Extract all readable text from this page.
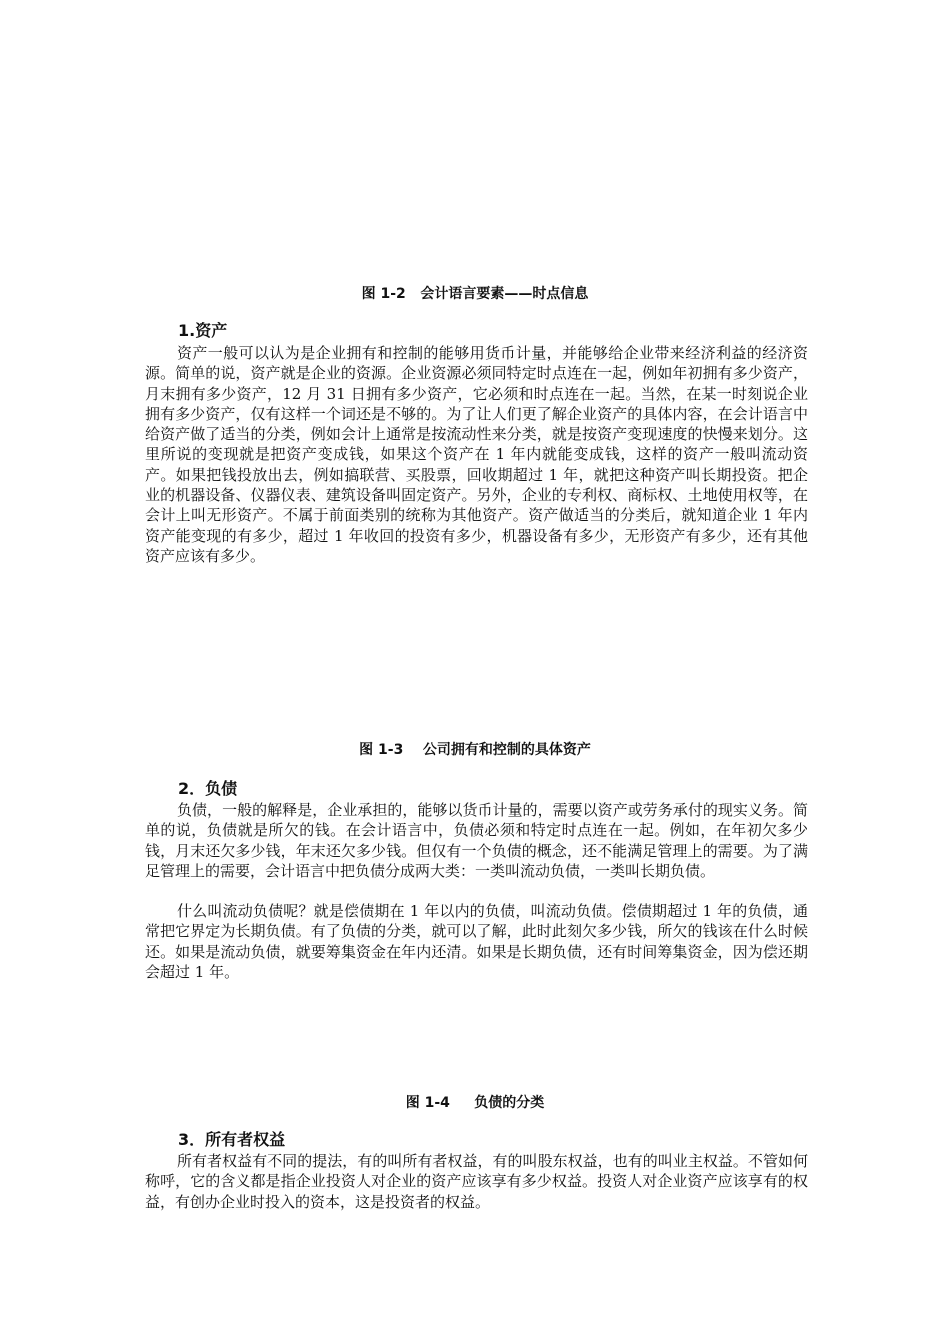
图 1-2   会计语言要素——时点信息
1.资产

资产一般可以认为是企业拥有和控制的能够用货币计量，并能够给企业带来经济利益的经济资源。简单的说，资产就是企业的资源。企业资源必须同特定时点连在一起，例如年初拥有多少资产，月末拥有多少资产，12 月 31 日拥有多少资产，它必须和时点连在一起。当然，在某一时刻说企业拥有多少资产，仅有这样一个词还是不够的。为了让人们更了解企业资产的具体内容，在会计语言中给资产做了适当的分类，例如会计上通常是按流动性来分类，就是按资产变现速度的快慢来划分。这里所说的变现就是把资产变成钱，如果这个资产在 1 年内就能变成钱，这样的资产一般叫流动资产。如果把钱投放出去，例如搞联营、买股票，回收期超过 1 年，就把这种资产叫长期投资。把企业的机器设备、仪器仪表、建筑设备叫固定资产。另外，企业的专利权、商标权、土地使用权等，在会计上叫无形资产。不属于前面类别的统称为其他资产。资产做适当的分类后，就知道企业 1 年内资产能变现的有多少，超过 1 年收回的投资有多少，机器设备有多少，无形资产有多少，还有其他资产应该有多少。

图 1-3    公司拥有和控制的具体资产
2．负债

负债，一般的解释是，企业承担的，能够以货币计量的，需要以资产或劳务承付的现实义务。简单的说，负债就是所欠的钱。在会计语言中，负债必须和特定时点连在一起。例如，在年初欠多少钱，月末还欠多少钱，年末还欠多少钱。但仅有一个负债的概念，还不能满足管理上的需要。为了满足管理上的需要，会计语言中把负债分成两大类：一类叫流动负债，一类叫长期负债。

什么叫流动负债呢？就是偿债期在 1 年以内的负债，叫流动负债。偿债期超过 1 年的负债，通常把它界定为长期负债。有了负债的分类，就可以了解，此时此刻欠多少钱，所欠的钱该在什么时候还。如果是流动负债，就要筹集资金在年内还清。如果是长期负债，还有时间筹集资金，因为偿还期会超过 1 年。

图 1-4     负债的分类
3．所有者权益

所有者权益有不同的提法，有的叫所有者权益，有的叫股东权益，也有的叫业主权益。不管如何称呼，它的含义都是指企业投资人对企业的资产应该享有多少权益。投资人对企业资产应该享有的权益，有创办企业时投入的资本，这是投资者的权益。
